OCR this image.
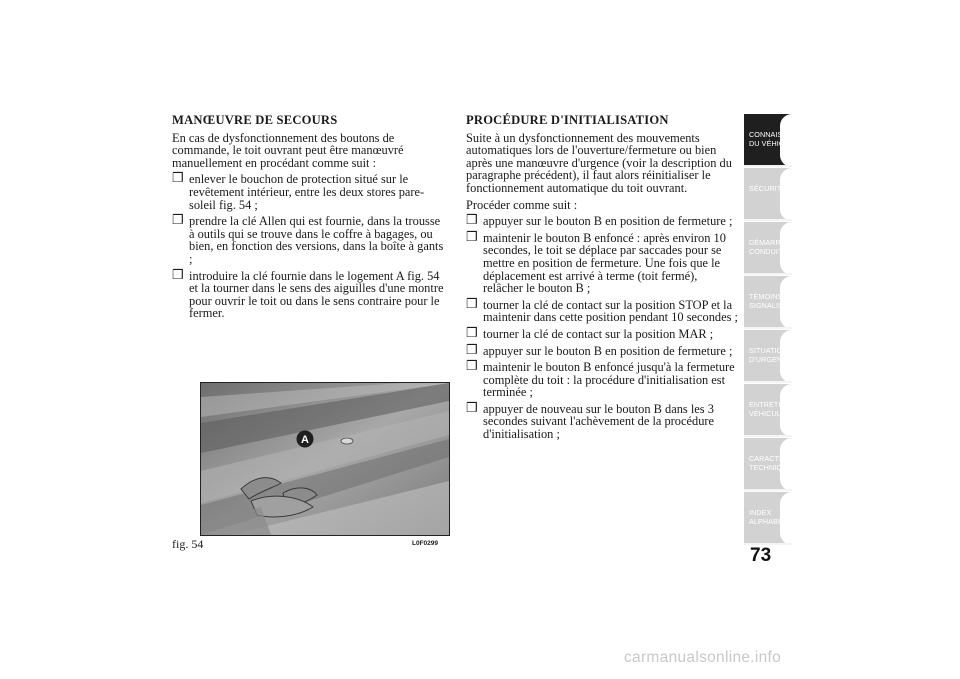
MANŒUVRE DE SECOURS
En cas de dysfonctionnement des boutons de commande, le toit ouvrant peut être manœuvré manuellement en procédant comme suit :
❒ enlever le bouchon de protection situé sur le revêtement intérieur, entre les deux stores pare-soleil fig. 54 ;
❒ prendre la clé Allen qui est fournie, dans la trousse à outils qui se trouve dans le coffre à bagages, ou bien, en fonction des versions, dans la boîte à gants ;
❒ introduire la clé fournie dans le logement A fig. 54 et la tourner dans le sens des aiguilles d'une montre pour ouvrir le toit ou dans le sens contraire pour le fermer.
A
fig. 54	L0F0299
PROCÉDURE D'INITIALISATION
Suite à un dysfonctionnement des mouvements automatiques lors de l'ouverture/fermeture ou bien après une manœuvre d'urgence (voir la description du paragraphe précédent), il faut alors réinitialiser le fonctionnement automatique du toit ouvrant.
Procéder comme suit :
❒ appuyer sur le bouton B en position de fermeture ;
❒ maintenir le bouton B enfoncé : après environ 10 secondes, le toit se déplace par saccades pour se mettre en position de fermeture. Une fois que le déplacement est arrivé à terme (toit fermé), relâcher le bouton B ;
❒ tourner la clé de contact sur la position STOP et la maintenir dans cette position pendant 10 secondes ;
❒ tourner la clé de contact sur la position MAR ;
❒ appuyer sur le bouton B en position de fermeture ;
❒ maintenir le bouton B enfoncé jusqu'à la fermeture complète du toit : la procédure d'initialisation est terminée ;
❒ appuyer de nouveau sur le bouton B dans les 3 secondes suivant l'achèvement de la procédure d'initialisation ;
CONNAISSANCE DU VÉHICULE
SÉCURITÉ
DÉMARRAGE ET CONDUITE
TÉMOINS ET SIGNALISATION
SITUATIONS D'URGENCE
ENTRETIEN DU VÉHICULE
CARACTÉRISTIQUES TECHNIQUES
INDEX ALPHABÉTIQUE
73
carmanualsonline.info
